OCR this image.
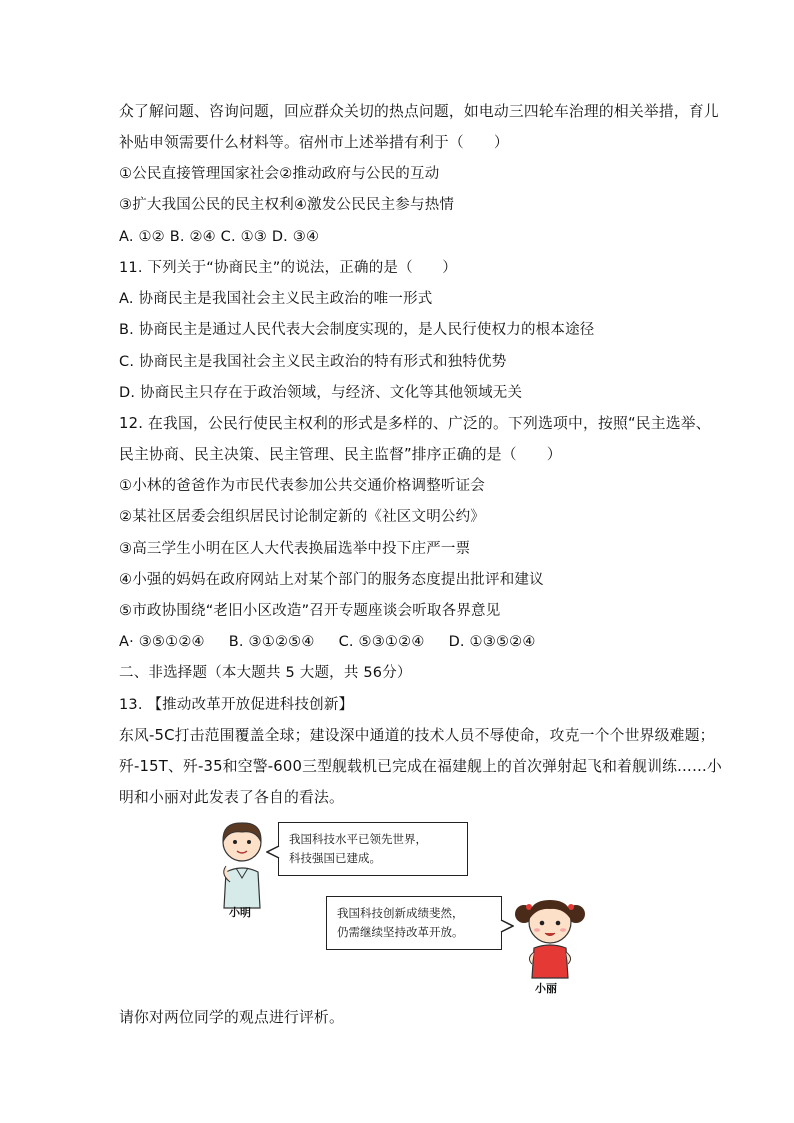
众了解问题、咨询问题，回应群众关切的热点问题，如电动三四轮车治理的相关举措，育儿
补贴申领需要什么材料等。宿州市上述举措有利于（　　）
①公民直接管理国家社会②推动政府与公民的互动
③扩大我国公民的民主权利④激发公民民主参与热情
A. ①② B. ②④ C. ①③ D. ③④
11. 下列关于“协商民主”的说法，正确的是（　　）
A. 协商民主是我国社会主义民主政治的唯一形式
B. 协商民主是通过人民代表大会制度实现的，是人民行使权力的根本途径
C. 协商民主是我国社会主义民主政治的特有形式和独特优势
D. 协商民主只存在于政治领域，与经济、文化等其他领域无关
12. 在我国，公民行使民主权利的形式是多样的、广泛的。下列选项中，按照“民主选举、
民主协商、民主决策、民主管理、民主监督”排序正确的是（　　）
①小林的爸爸作为市民代表参加公共交通价格调整听证会
②某社区居委会组织居民讨论制定新的《社区文明公约》
③高三学生小明在区人大代表换届选举中投下庄严一票
④小强的妈妈在政府网站上对某个部门的服务态度提出批评和建议
⑤市政协围绕“老旧小区改造”召开专题座谈会听取各界意见
A· ③⑤①②④     B. ③①②⑤④     C. ⑤③①②④     D. ①③⑤②④
二、非选择题（本大题共 5 大题，共 56分）
13. 【推动改革开放促进科技创新】
东风-5C打击范围覆盖全球；建设深中通道的技术人员不辱使命，攻克一个个世界级难题；
歼-15T、歼-35和空警-600三型舰载机已完成在福建舰上的首次弹射起飞和着舰训练……小
明和小丽对此发表了各自的看法。
小明
我国科技水平已领先世界，
科技强国已建成。
我国科技创新成绩斐然，
仍需继续坚持改革开放。
小丽
请你对两位同学的观点进行评析。
